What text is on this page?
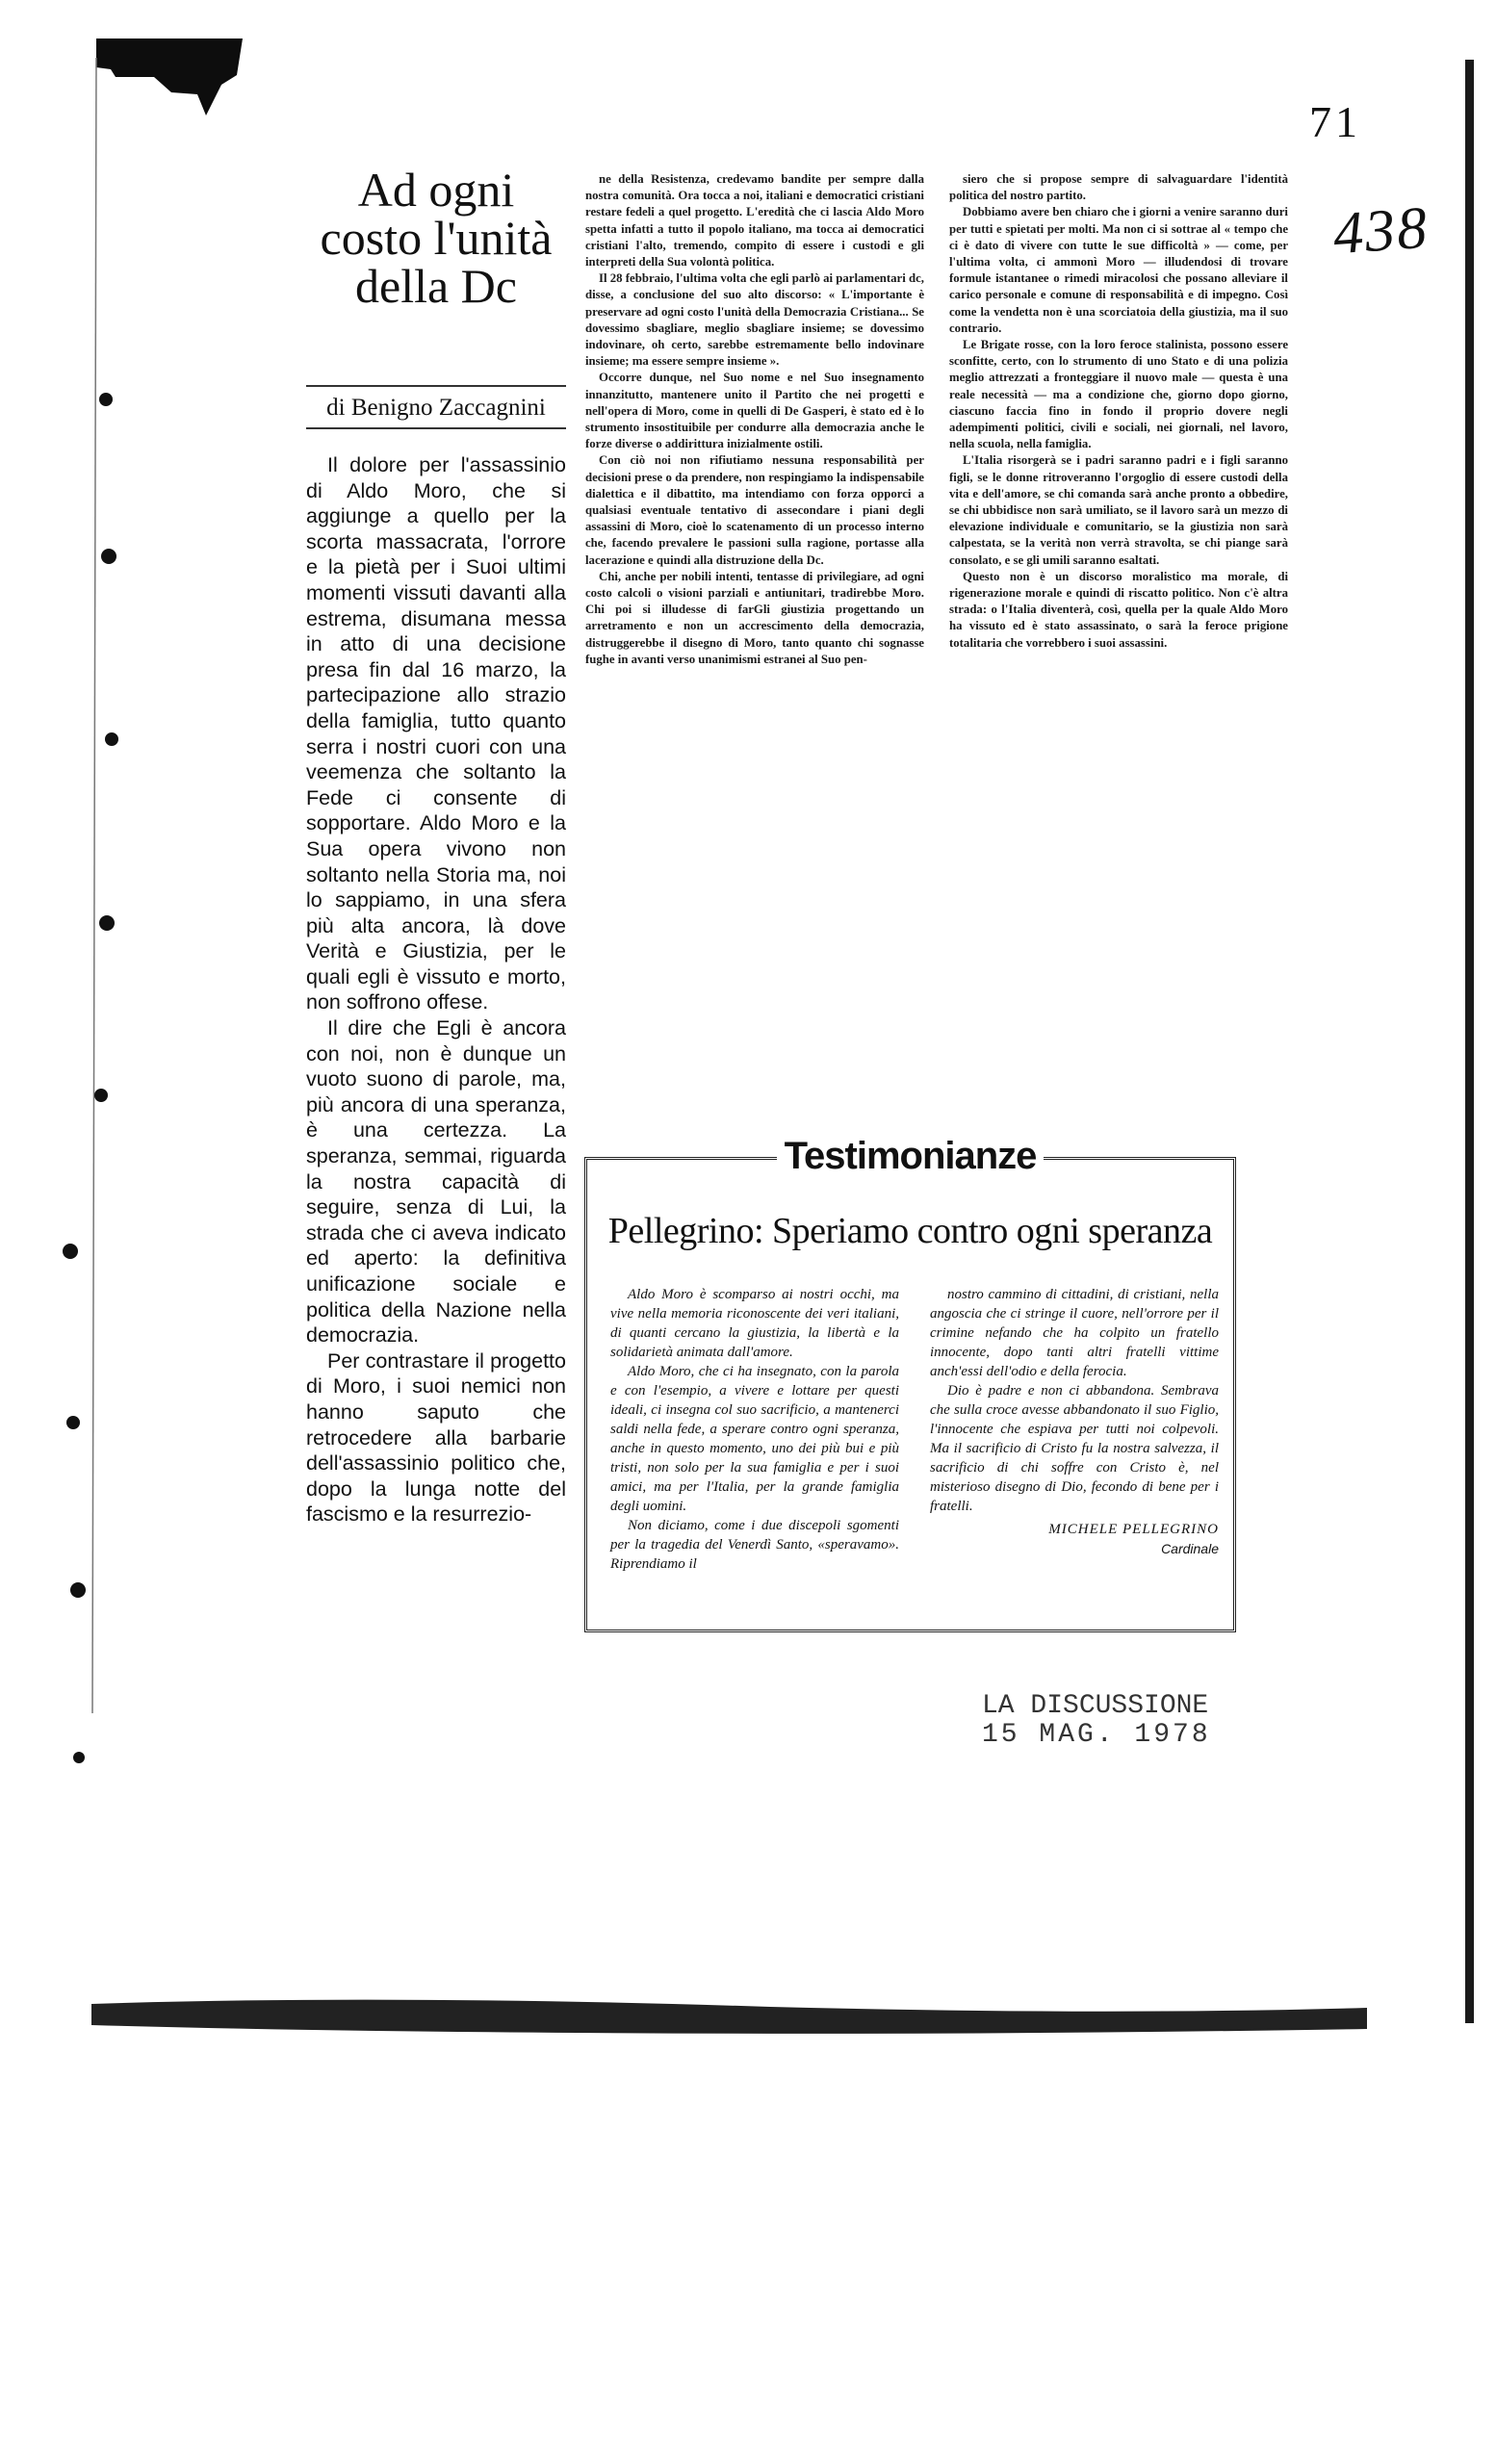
71
438
Ad ogni costo l'unità della Dc
di Benigno Zaccagnini

Il dolore per l'assassinio di Aldo Moro, che si aggiunge a quello per la scorta massacrata, l'orrore e la pietà per i Suoi ultimi momenti vissuti davanti alla estrema, disumana messa in atto di una decisione presa fin dal 16 marzo, la partecipazione allo strazio della famiglia, tutto quanto serra i nostri cuori con una veemenza che soltanto la Fede ci consente di sopportare. Aldo Moro e la Sua opera vivono non soltanto nella Storia ma, noi lo sappiamo, in una sfera più alta ancora, là dove Verità e Giustizia, per le quali egli è vissuto e morto, non soffrono offese.

Il dire che Egli è ancora con noi, non è dunque un vuoto suono di parole, ma, più ancora di una speranza, è una certezza. La speranza, semmai, riguarda la nostra capacità di seguire, senza di Lui, la strada che ci aveva indicato ed aperto: la definitiva unificazione sociale e politica della Nazione nella democrazia.

Per contrastare il progetto di Moro, i suoi nemici non hanno saputo che retrocedere alla barbarie dell'assassinio politico che, dopo la lunga notte del fascismo e la resurrezio-

ne della Resistenza, credevamo bandite per sempre dalla nostra comunità. Ora tocca a noi, italiani e democratici cristiani restare fedeli a quel progetto. L'eredità che ci lascia Aldo Moro spetta infatti a tutto il popolo italiano, ma tocca ai democratici cristiani l'alto, tremendo, compito di essere i custodi e gli interpreti della Sua volontà politica.

Il 28 febbraio, l'ultima volta che egli parlò ai parlamentari dc, disse, a conclusione del suo alto discorso: « L'importante è preservare ad ogni costo l'unità della Democrazia Cristiana... Se dovessimo sbagliare, meglio sbagliare insieme; se dovessimo indovinare, oh certo, sarebbe estremamente bello indovinare insieme; ma essere sempre insieme ».

Occorre dunque, nel Suo nome e nel Suo insegnamento innanzitutto, mantenere unito il Partito che nei progetti e nell'opera di Moro, come in quelli di De Gasperi, è stato ed è lo strumento insostituibile per condurre alla democrazia anche le forze diverse o addirittura inizialmente ostili.

Con ciò noi non rifiutiamo nessuna responsabilità per decisioni prese o da prendere, non respingiamo la indispensabile dialettica e il dibattito, ma intendiamo con forza opporci a qualsiasi eventuale tentativo di assecondare i piani degli assassini di Moro, cioè lo scatenamento di un processo interno che, facendo prevalere le passioni sulla ragione, portasse alla lacerazione e quindi alla distruzione della Dc.

Chi, anche per nobili intenti, tentasse di privilegiare, ad ogni costo calcoli o visioni parziali e antiunitari, tradirebbe Moro. Chi poi si illudesse di farGli giustizia progettando un arretramento e non un accrescimento della democrazia, distruggerebbe il disegno di Moro, tanto quanto chi sognasse fughe in avanti verso unanimismi estranei al Suo pen-

siero che si propose sempre di salvaguardare l'identità politica del nostro partito.

Dobbiamo avere ben chiaro che i giorni a venire saranno duri per tutti e spietati per molti. Ma non ci si sottrae al « tempo che ci è dato di vivere con tutte le sue difficoltà » — come, per l'ultima volta, ci ammonì Moro — illudendosi di trovare formule istantanee o rimedi miracolosi che possano alleviare il carico personale e comune di responsabilità e di impegno. Così come la vendetta non è una scorciatoia della giustizia, ma il suo contrario.

Le Brigate rosse, con la loro feroce stalinista, possono essere sconfitte, certo, con lo strumento di uno Stato e di una polizia meglio attrezzati a fronteggiare il nuovo male — questa è una reale necessità — ma a condizione che, giorno dopo giorno, ciascuno faccia fino in fondo il proprio dovere negli adempimenti politici, civili e sociali, nei giornali, nel lavoro, nella scuola, nella famiglia.

L'Italia risorgerà se i padri saranno padri e i figli saranno figli, se le donne ritroveranno l'orgoglio di essere custodi della vita e dell'amore, se chi comanda sarà anche pronto a obbedire, se chi ubbidisce non sarà umiliato, se il lavoro sarà un mezzo di elevazione individuale e comunitario, se la giustizia non sarà calpestata, se la verità non verrà stravolta, se chi piange sarà consolato, e se gli umili saranno esaltati.

Questo non è un discorso moralistico ma morale, di rigenerazione morale e quindi di riscatto politico. Non c'è altra strada: o l'Italia diventerà, così, quella per la quale Aldo Moro ha vissuto ed è stato assassinato, o sarà la feroce prigione totalitaria che vorrebbero i suoi assassini.

Testimonianze
Pellegrino: Speriamo contro ogni speranza

Aldo Moro è scomparso ai nostri occhi, ma vive nella memoria riconoscente dei veri italiani, di quanti cercano la giustizia, la libertà e la solidarietà animata dall'amore.

Aldo Moro, che ci ha insegnato, con la parola e con l'esempio, a vivere e lottare per questi ideali, ci insegna col suo sacrificio, a mantenerci saldi nella fede, a sperare contro ogni speranza, anche in questo momento, uno dei più bui e più tristi, non solo per la sua famiglia e per i suoi amici, ma per l'Italia, per la grande famiglia degli uomini.

Non diciamo, come i due discepoli sgomenti per la tragedia del Venerdì Santo, «speravamo». Riprendiamo il

nostro cammino di cittadini, di cristiani, nella angoscia che ci stringe il cuore, nell'orrore per il crimine nefando che ha colpito un fratello innocente, dopo tanti altri fratelli vittime anch'essi dell'odio e della ferocia.

Dio è padre e non ci abbandona. Sembrava che sulla croce avesse abbandonato il suo Figlio, l'innocente che espiava per tutti noi colpevoli. Ma il sacrificio di Cristo fu la nostra salvezza, il sacrificio di chi soffre con Cristo è, nel misterioso disegno di Dio, fecondo di bene per i fratelli.

MICHELE PELLEGRINO
Cardinale
LA DISCUSSIONE
15 MAG. 1978
